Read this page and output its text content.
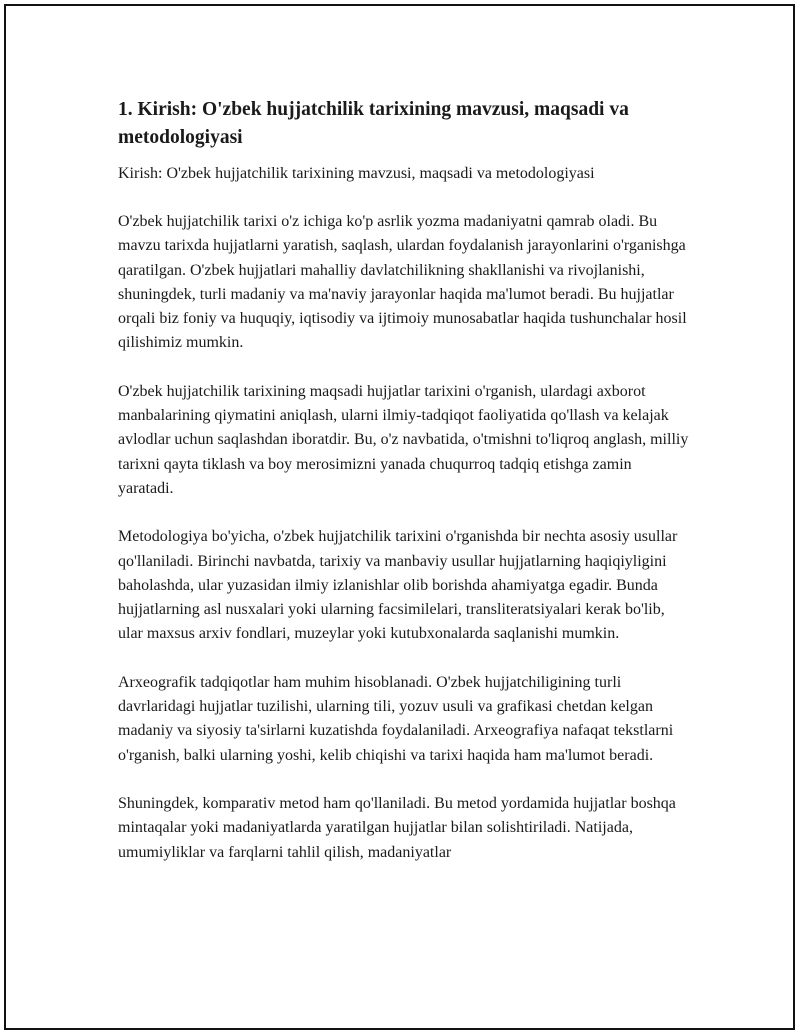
1. Kirish: O'zbek hujjatchilik tarixining mavzusi, maqsadi va metodologiyasi

Kirish: O'zbek hujjatchilik tarixining mavzusi, maqsadi va metodologiyasi

O'zbek hujjatchilik tarixi o'z ichiga ko'p asrlik yozma madaniyatni qamrab oladi. Bu mavzu tarixda hujjatlarni yaratish, saqlash, ulardan foydalanish jarayonlarini o'rganishga qaratilgan. O'zbek hujjatlari mahalliy davlatchilikning shakllanishi va rivojlanishi, shuningdek, turli madaniy va ma'naviy jarayonlar haqida ma'lumot beradi. Bu hujjatlar orqali biz foniy va huquqiy, iqtisodiy va ijtimoiy munosabatlar haqida tushunchalar hosil qilishimiz mumkin.

O'zbek hujjatchilik tarixining maqsadi hujjatlar tarixini o'rganish, ulardagi axborot manbalarining qiymatini aniqlash, ularni ilmiy-tadqiqot faoliyatida qo'llash va kelajak avlodlar uchun saqlashdan iboratdir. Bu, o'z navbatida, o'tmishni to'liqroq anglash, milliy tarixni qayta tiklash va boy merosimizni yanada chuqurroq tadqiq etishga zamin yaratadi.

Metodologiya bo'yicha, o'zbek hujjatchilik tarixini o'rganishda bir nechta asosiy usullar qo'llaniladi. Birinchi navbatda, tarixiy va manbaviy usullar hujjatlarning haqiqiyligini baholashda, ular yuzasidan ilmiy izlanishlar olib borishda ahamiyatga egadir. Bunda hujjatlarning asl nusxalari yoki ularning facsimilelari, transliteratsiyalari kerak bo'lib, ular maxsus arxiv fondlari, muzeylar yoki kutubxonalarda saqlanishi mumkin.

Arxeografik tadqiqotlar ham muhim hisoblanadi. O'zbek hujjatchiligining turli davrlaridagi hujjatlar tuzilishi, ularning tili, yozuv usuli va grafikasi chetdan kelgan madaniy va siyosiy ta'sirlarni kuzatishda foydalaniladi. Arxeografiya nafaqat tekstlarni o'rganish, balki ularning yoshi, kelib chiqishi va tarixi haqida ham ma'lumot beradi.

Shuningdek, komparativ metod ham qo'llaniladi. Bu metod yordamida hujjatlar boshqa mintaqalar yoki madaniyatlarda yaratilgan hujjatlar bilan solishtiriladi. Natijada, umumiyliklar va farqlarni tahlil qilish, madaniyatlar
